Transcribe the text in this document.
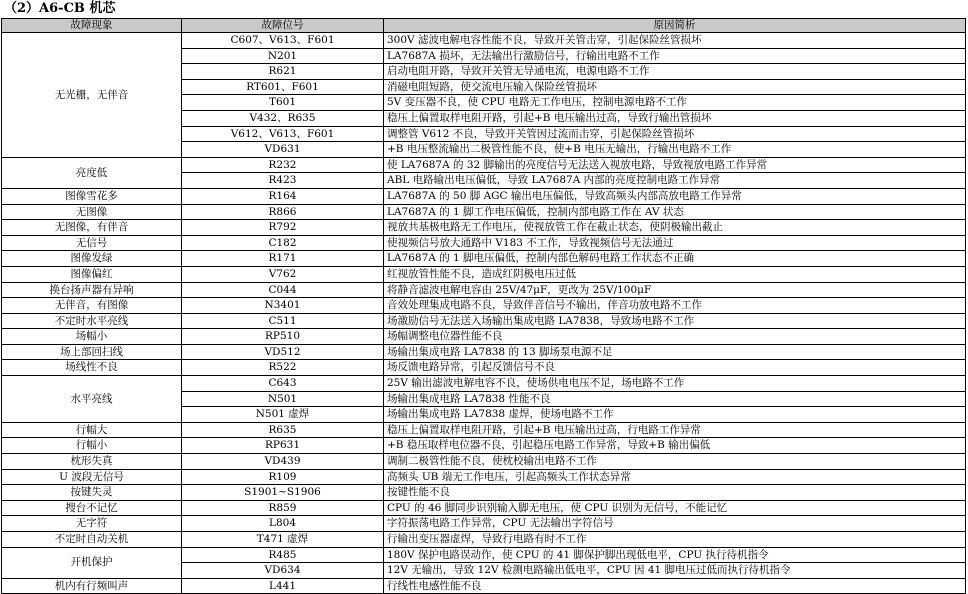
（2）A6-CB 机芯
故障现象	故障位号	原因简析
无光栅，无伴音	C607、V613、F601	300V 滤波电解电容性能不良，导致开关管击穿，引起保险丝管损坏
	N201	LA7687A 损坏，无法输出行激励信号，行输出电路不工作
	R621	启动电阻开路，导致开关管无导通电流，电源电路不工作
	RT601、F601	消磁电阻短路，使交流电压输入保险丝管损坏
	T601	5V 变压器不良，使 CPU 电路无工作电压，控制电源电路不工作
	V432、R635	稳压上偏置取样电阻开路，引起+B 电压输出过高，导致行输出管损坏
	V612、V613、F601	调整管 V612 不良，导致开关管因过流而击穿，引起保险丝管损坏
	VD631	+B 电压整流输出二极管性能不良，使+B 电压无输出，行输出电路不工作
亮度低	R232	使 LA7687A 的 32 脚输出的亮度信号无法送入视放电路，导致视放电路工作异常
	R423	ABL 电路输出电压偏低，导致 LA7687A 内部的亮度控制电路工作异常
图像雪花多	R164	LA7687A 的 50 脚 AGC 输出电压偏低，导致高频头内部高放电路工作异常
无图像	R866	LA7687A 的 1 脚工作电压偏低，控制内部电路工作在 AV 状态
无图像，有伴音	R792	视放共基极电路无工作电压，使视放管工作在截止状态，使阴极输出截止
无信号	C182	使视频信号放大通路中 V183 不工作，导致视频信号无法通过
图像发绿	R171	LA7687A 的 1 脚电压偏低，控制内部色解码电路工作状态不正确
图像偏红	V762	红视放管性能不良，造成红阴极电压过低
换台扬声器有异响	C044	将静音滤波电解电容由 25V/47μF，更改为 25V/100μF
无伴音，有图像	N3401	音效处理集成电路不良，导致伴音信号不输出，伴音功放电路不工作
不定时水平亮线	C511	场激励信号无法送入场输出集成电路 LA7838，导致场电路不工作
场幅小	RP510	场幅调整电位器性能不良
场上部回扫线	VD512	场输出集成电路 LA7838 的 13 脚场泵电源不足
场线性不良	R522	场反馈电路异常，引起反馈信号不良
水平亮线	C643	25V 输出滤波电解电容不良，使场供电电压不足，场电路不工作
	N501	场输出集成电路 LA7838 性能不良
	N501 虚焊	场输出集成电路 LA7838 虚焊，使场电路不工作
行幅大	R635	稳压上偏置取样电阻开路，引起+B 电压输出过高，行电路工作异常
行幅小	RP631	+B 稳压取样电位器不良，引起稳压电路工作异常，导致+B 输出偏低
枕形失真	VD439	调制二极管性能不良，使枕校输出电路不工作
U 波段无信号	R109	高频头 UB 端无工作电压，引起高频头工作状态异常
按键失灵	S1901~S1906	按键性能不良
搜台不记忆	R859	CPU 的 46 脚同步识别输入脚无电压，使 CPU 识别为无信号，不能记忆
无字符	L804	字符振荡电路工作异常，CPU 无法输出字符信号
不定时自动关机	T471 虚焊	行输出变压器虚焊，导致行电路有时不工作
开机保护	R485	180V 保护电路误动作，使 CPU 的 41 脚保护脚出现低电平，CPU 执行待机指令
	VD634	12V 无输出，导致 12V 检测电路输出低电平，CPU 因 41 脚电压过低而执行待机指令
机内有行频叫声	L441	行线性电感性能不良
